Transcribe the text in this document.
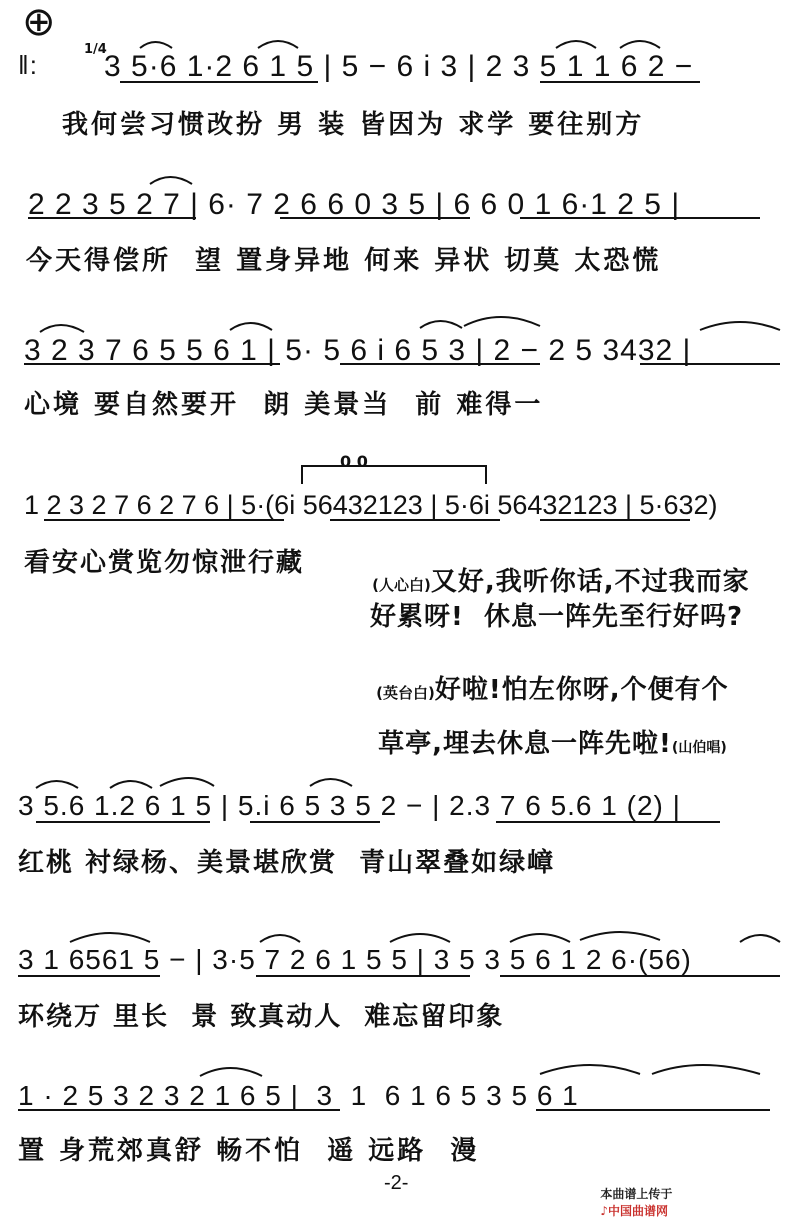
⊕
‖:
1/4
3 5·6 1·2 6 1 5 | 5 − 6 i 3 | 2 3 5 1 1 6 2 −
我何尝习惯改扮 男 装 皆因为 求学 要往别方
2 2 3 5 2 7 | 6· 7 2 6 6 0 3 5 | 6 6 0 1 6·1 2 5 |
今天得偿所  望 置身异地 何来 异状 切莫 太恐慌
3 2 3 7 6 5 5 6 1 | 5· 5 6 i 6 5 3 | 2 − 2 5 3432 |
心境 要自然要开  朗 美景当  前 难得一
0 0
1 2 3 2 7 6 2 7 6 | 5·(6i 56432123 | 5·6i 56432123 | 5·632)
看安心赏览勿惊泄行藏

(人心白)又好,我听你话,不过我而家

好累呀!  休息一阵先至行好吗?

(英台白)好啦!怕左你呀,个便有个

草亭,埋去休息一阵先啦!(山伯唱)

3 5.6 1.2 6 1 5 | 5.i 6 5 3 5 2 − | 2.3 7 6 5.6 1 (2) |
红桃 衬绿杨、美景堪欣赏  青山翠叠如绿嶂
3 1 6561 5 − | 3·5 7 2 6 1 5 5 | 3 5 3 5 6 1 2 6·(56)
环绕万 里长  景 致真动人  难忘留印象
1 · 2 5 3 2 3 2 1 6 5 |  3  1  6 1 6 5 3 5 6 1
置 身荒郊真舒 畅不怕  遥 远路  漫
-2-	本曲谱上传于
♪中国曲谱网
